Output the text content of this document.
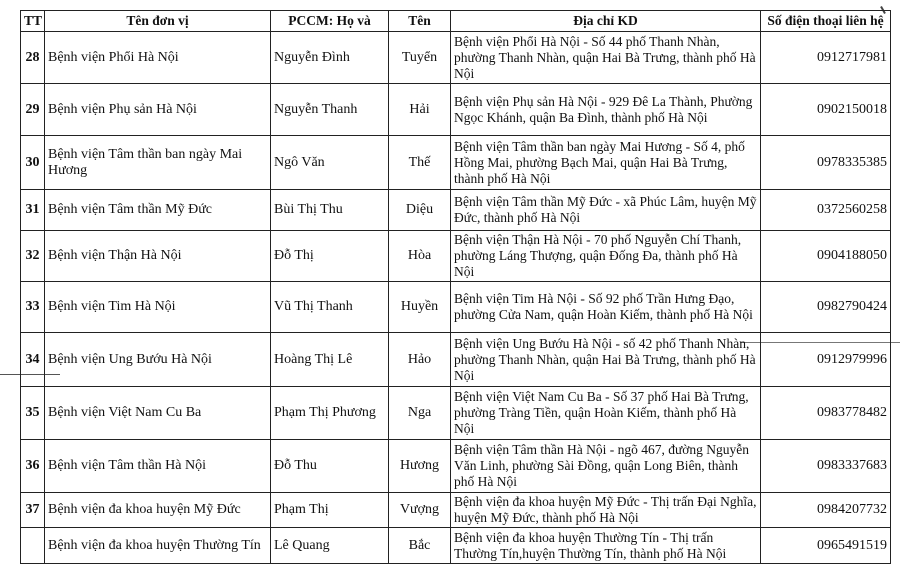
TT	Tên đơn vị	PCCM: Họ và	Tên	Địa chỉ KD	Số điện thoại liên hệ
28	Bệnh viện Phổi Hà Nội	Nguyễn Đình	Tuyển	Bệnh viện Phổi Hà Nội - Số 44 phố Thanh Nhàn, phường Thanh Nhàn, quận Hai Bà Trưng, thành phố Hà Nội	0912717981
29	Bệnh viện Phụ sản Hà Nội	Nguyễn Thanh	Hải	Bệnh viện Phụ sản Hà Nội - 929 Đê La Thành, Phường Ngọc Khánh, quận Ba Đình, thành phố Hà Nội	0902150018
30	Bệnh viện Tâm thần ban ngày Mai Hương	Ngô Văn	Thế	Bệnh viện Tâm thần ban ngày Mai Hương - Số 4, phố Hồng Mai, phường Bạch Mai, quận Hai Bà Trưng, thành phố Hà Nội	0978335385
31	Bệnh viện Tâm thần Mỹ Đức	Bùi Thị Thu	Diệu	Bệnh viện Tâm thần Mỹ Đức - xã Phúc Lâm, huyện Mỹ Đức, thành phố Hà Nội	0372560258
32	Bệnh viện Thận Hà Nội	Đỗ Thị	Hòa	Bệnh viện Thận Hà Nội - 70 phố Nguyễn Chí Thanh, phường Láng Thượng, quận Đống Đa, thành phố Hà Nội	0904188050
33	Bệnh viện Tim Hà Nội	Vũ Thị Thanh	Huyền	Bệnh viện Tim Hà Nội - Số 92 phố Trần Hưng Đạo, phường Cửa Nam, quận Hoàn Kiếm, thành phố Hà Nội	0982790424
34	Bệnh viện Ung Bướu Hà Nội	Hoàng Thị Lê	Hảo	Bệnh viện Ung Bướu Hà Nội - số 42 phố Thanh Nhàn, phường Thanh Nhàn, quận Hai Bà Trưng, thành phố Hà Nội	0912979996
35	Bệnh viện Việt Nam Cu Ba	Phạm Thị Phương	Nga	Bệnh viện Việt Nam Cu Ba - Số 37 phố Hai Bà Trưng, phường Tràng Tiền, quận Hoàn Kiếm, thành phố Hà Nội	0983778482
36	Bệnh viện Tâm thần Hà Nội	Đỗ Thu	Hương	Bệnh viện Tâm thần Hà Nội - ngõ 467, đường Nguyễn Văn Linh, phường Sài Đồng, quận Long Biên, thành phố Hà Nội	0983337683
37	Bệnh viện đa khoa huyện Mỹ Đức	Phạm Thị	Vượng	Bệnh viện đa khoa huyện Mỹ Đức - Thị trấn Đại Nghĩa, huyện Mỹ Đức, thành phố Hà Nội	0984207732
	Bệnh viện đa khoa huyện Thường Tín	Lê Quang	Bắc	Bệnh viện đa khoa huyện Thường Tín - Thị trấn Thường Tín,huyện Thường Tín, thành phố Hà Nội	0965491519
